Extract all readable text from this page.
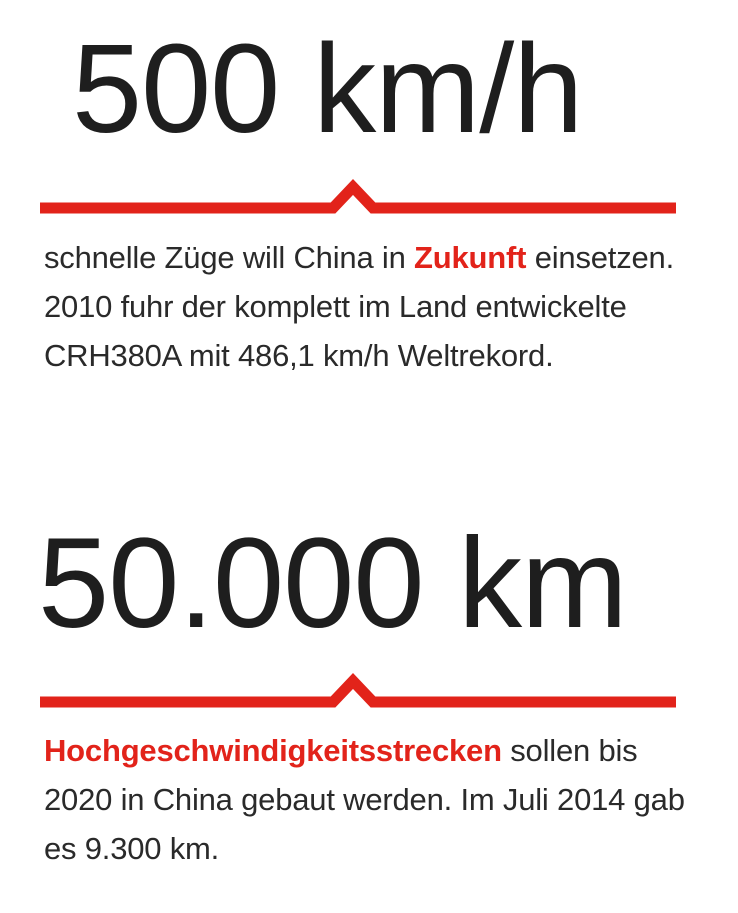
500 km/h

schnelle Züge will China in Zukunft einsetzen. 2010 fuhr der komplett im Land entwickelte CRH380A mit 486,1 km/h Weltrekord.

50.000 km

Hochgeschwindigkeitsstrecken sollen bis 2020 in China gebaut werden. Im Juli 2014 gab es 9.300 km.
